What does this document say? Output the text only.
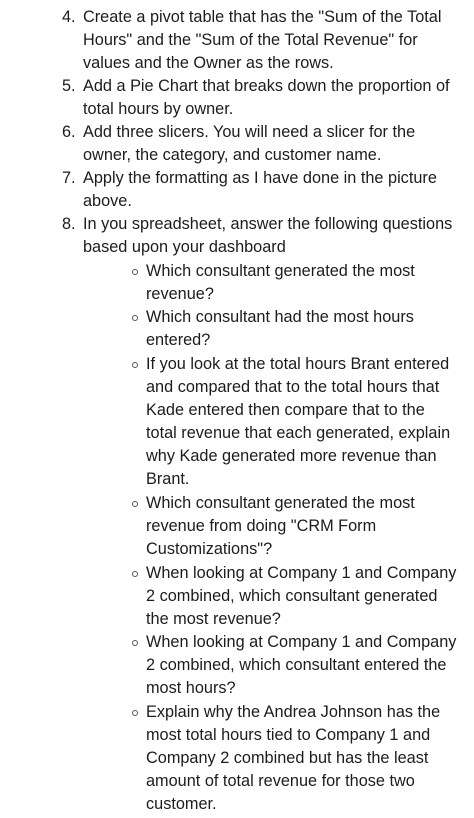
4. Create a pivot table that has the "Sum of the Total
Hours" and the "Sum of the Total Revenue" for
values and the Owner as the rows.
5. Add a Pie Chart that breaks down the proportion of
total hours by owner.
6. Add three slicers. You will need a slicer for the
owner, the category, and customer name.
7. Apply the formatting as I have done in the picture
above.
8. In you spreadsheet, answer the following questions
based upon your dashboard
Which consultant generated the most
revenue?
Which consultant had the most hours
entered?
If you look at the total hours Brant entered
and compared that to the total hours that
Kade entered then compare that to the
total revenue that each generated, explain
why Kade generated more revenue than
Brant.
Which consultant generated the most
revenue from doing "CRM Form
Customizations"?
When looking at Company 1 and Company
2 combined, which consultant generated
the most revenue?
When looking at Company 1 and Company
2 combined, which consultant entered the
most hours?
Explain why the Andrea Johnson has the
most total hours tied to Company 1 and
Company 2 combined but has the least
amount of total revenue for those two
customer.
